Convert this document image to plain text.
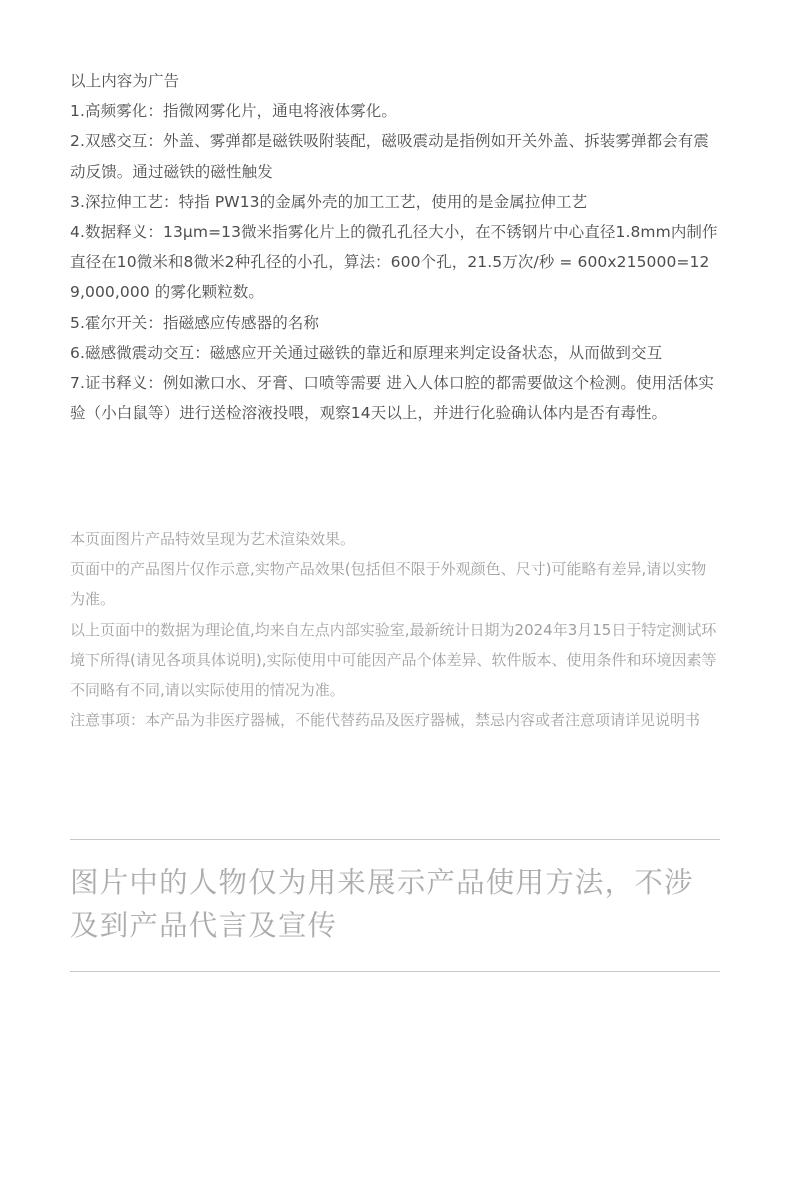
以上内容为广告

1.高频雾化：指微网雾化片，通电将液体雾化。

2.双感交互：外盖、雾弹都是磁铁吸附装配，磁吸震动是指例如开关外盖、拆装雾弹都会有震动反馈。通过磁铁的磁性触发

3.深拉伸工艺：特指 PW13的金属外壳的加工工艺，使用的是金属拉伸工艺

4.数据释义：13μm=13微米指雾化片上的微孔孔径大小，在不锈钢片中心直径1.8mm内制作直径在10微米和8微米2种孔径的小孔，算法：600个孔，21.5万次/秒 = 600x215000=129,000,000 的雾化颗粒数。

5.霍尔开关：指磁感应传感器的名称

6.磁感微震动交互：磁感应开关通过磁铁的靠近和原理来判定设备状态，从而做到交互

7.证书释义：例如漱口水、牙膏、口喷等需要 进入人体口腔的都需要做这个检测。使用活体实验（小白鼠等）进行送检溶液投喂，观察14天以上，并进行化验确认体内是否有毒性。

本页面图片产品特效呈现为艺术渲染效果。

页面中的产品图片仅作示意,实物产品效果(包括但不限于外观颜色、尺寸)可能略有差异,请以实物为准。

以上页面中的数据为理论值,均来自左点内部实验室,最新统计日期为2024年3月15日于特定测试环境下所得(请见各项具体说明),实际使用中可能因产品个体差异、软件版本、使用条件和环境因素等不同略有不同,请以实际使用的情况为准。

注意事项：本产品为非医疗器械，不能代替药品及医疗器械，禁忌内容或者注意项请详见说明书

图片中的人物仅为用来展示产品使用方法，不涉及到产品代言及宣传
